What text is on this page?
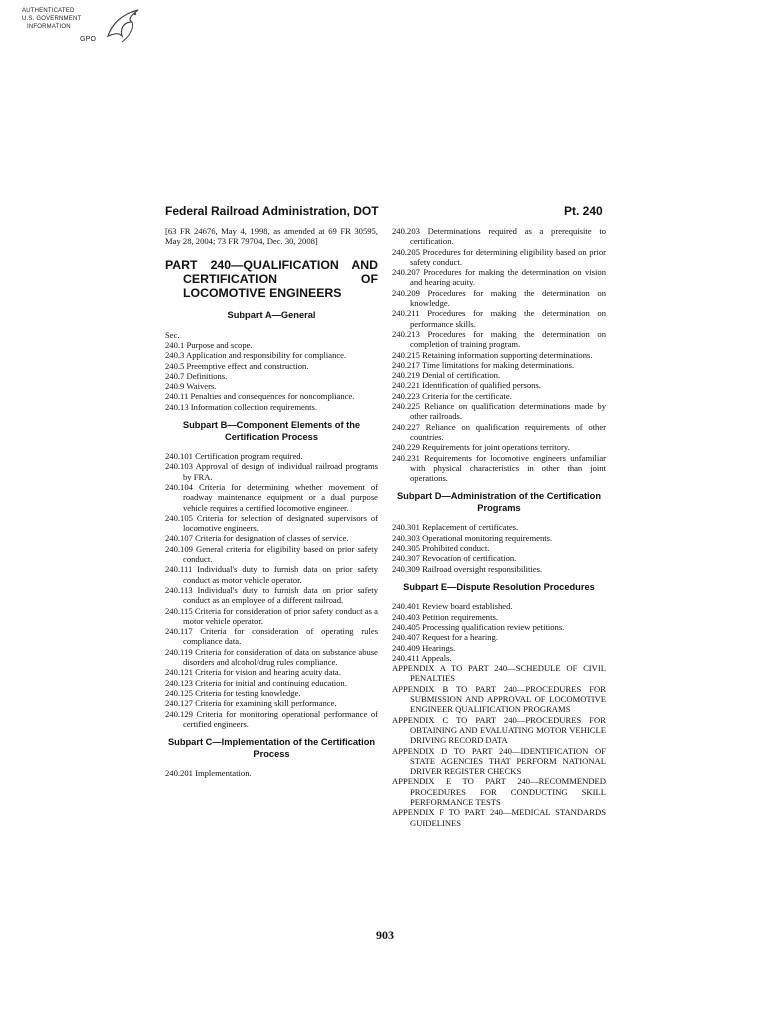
AUTHENTICATED
U.S. GOVERNMENT
INFORMATION
GPO
Federal Railroad Administration, DOT	Pt. 240

[63 FR 24676, May 4, 1998, as amended at 69 FR 30595, May 28, 2004; 73 FR 79704, Dec. 30, 2008]

PART 240—QUALIFICATION AND CERTIFICATION OF LOCOMOTIVE ENGINEERS

Subpart A—General

Sec.

240.1 Purpose and scope.

240.3 Application and responsibility for compliance.

240.5 Preemptive effect and construction.

240.7 Definitions.

240.9 Waivers.

240.11 Penalties and consequences for noncompliance.

240.13 Information collection requirements.

Subpart B—Component Elements of the Certification Process

240.101 Certification program required.

240.103 Approval of design of individual railroad programs by FRA.

240.104 Criteria for determining whether movement of roadway maintenance equipment or a dual purpose vehicle requires a certified locomotive engineer.

240.105 Criteria for selection of designated supervisors of locomotive engineers.

240.107 Criteria for designation of classes of service.

240.109 General criteria for eligibility based on prior safety conduct.

240.111 Individual's duty to furnish data on prior safety conduct as motor vehicle operator.

240.113 Individual's duty to furnish data on prior safety conduct as an employee of a different railroad.

240.115 Criteria for consideration of prior safety conduct as a motor vehicle operator.

240.117 Criteria for consideration of operating rules compliance data.

240.119 Criteria for consideration of data on substance abuse disorders and alcohol/drug rules compliance.

240.121 Criteria for vision and hearing acuity data.

240.123 Criteria for initial and continuing education.

240.125 Criteria for testing knowledge.

240.127 Criteria for examining skill performance.

240.129 Criteria for monitoring operational performance of certified engineers.

Subpart C—Implementation of the Certification Process

240.201 Implementation.

240.203 Determinations required as a prerequisite to certification.

240.205 Procedures for determining eligibility based on prior safety conduct.

240.207 Procedures for making the determination on vision and hearing acuity.

240.209 Procedures for making the determination on knowledge.

240.211 Procedures for making the determination on performance skills.

240.213 Procedures for making the determination on completion of training program.

240.215 Retaining information supporting determinations.

240.217 Time limitations for making determinations.

240.219 Denial of certification.

240.221 Identification of qualified persons.

240.223 Criteria for the certificate.

240.225 Reliance on qualification determinations made by other railroads.

240.227 Reliance on qualification requirements of other countries.

240.229 Requirements for joint operations territory.

240.231 Requirements for locomotive engineers unfamiliar with physical characteristics in other than joint operations.

Subpart D—Administration of the Certification Programs

240.301 Replacement of certificates.

240.303 Operational monitoring requirements.

240.305 Prohibited conduct.

240.307 Revocation of certification.

240.309 Railroad oversight responsibilities.

Subpart E—Dispute Resolution Procedures

240.401 Review board established.

240.403 Petition requirements.

240.405 Processing qualification review petitions.

240.407 Request for a hearing.

240.409 Hearings.

240.411 Appeals.

APPENDIX A TO PART 240—SCHEDULE OF CIVIL PENALTIES

APPENDIX B TO PART 240—PROCEDURES FOR SUBMISSION AND APPROVAL OF LOCOMOTIVE ENGINEER QUALIFICATION PROGRAMS

APPENDIX C TO PART 240—PROCEDURES FOR OBTAINING AND EVALUATING MOTOR VEHICLE DRIVING RECORD DATA

APPENDIX D TO PART 240—IDENTIFICATION OF STATE AGENCIES THAT PERFORM NATIONAL DRIVER REGISTER CHECKS

APPENDIX E TO PART 240—RECOMMENDED PROCEDURES FOR CONDUCTING SKILL PERFORMANCE TESTS

APPENDIX F TO PART 240—MEDICAL STANDARDS GUIDELINES

903
